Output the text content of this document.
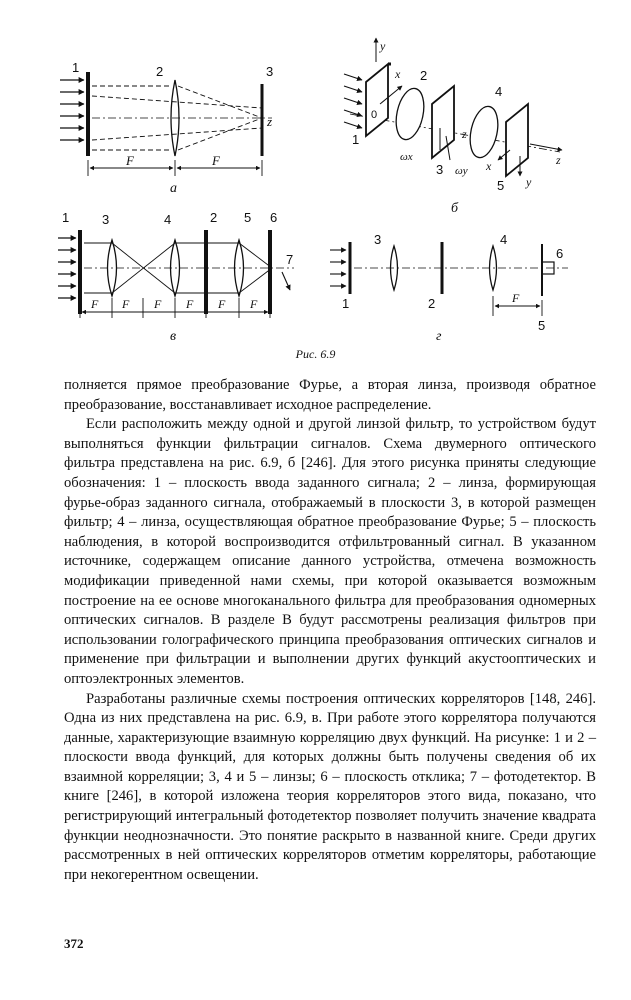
1	2	3
z
F	F
а
y
x 2
4
0
1
ωx
3 ωy
z
z
x
5 y
б
1	3	4	2 5 6
7
F F F F F F
в
3	4
6
1	2	F
5
г
Рис. 6.9

полняется прямое преобразование Фурье, а вторая линза, производя обратное преобразование, восстанавливает исходное распределение.

Если расположить между одной и другой линзой фильтр, то устройством будут выполняться функции фильтрации сигналов. Схема двумерного оптического фильтра представлена на рис. 6.9, б [246]. Для этого рисунка приняты следующие обозначения: 1 – плоскость ввода заданного сигнала; 2 – линза, формирующая фурье-образ заданного сигнала, отображаемый в плоскости 3, в которой размещен фильтр; 4 – линза, осуществляющая обратное преобразование Фурье; 5 – плоскость наблюдения, в которой воспроизводится отфильтрованный сигнал. В указанном источнике, содержащем описание данного устройства, отмечена возможность модификации приведенной нами схемы, при которой оказывается возможным построение на ее основе многоканального фильтра для преобразования одномерных оптических сигналов. В разделе В будут рассмотрены реализация фильтров при использовании голографического принципа преобразования оптических сигналов и применение при фильтрации и выполнении других функций акустооптических и оптоэлектронных элементов.

Разработаны различные схемы построения оптических корреляторов [148, 246]. Одна из них представлена на рис. 6.9, в. При работе этого коррелятора получаются данные, характеризующие взаимную корреляцию двух функций. На рисунке: 1 и 2 – плоскости ввода функций, для которых должны быть получены сведения об их взаимной корреляции; 3, 4 и 5 – линзы; 6 – плоскость отклика; 7 – фотодетектор. В книге [246], в которой изложена теория корреляторов этого вида, показано, что регистрирующий интегральный фотодетектор позволяет получить значение квадрата функции неоднозначности. Это понятие раскрыто в названной книге. Среди других рассмотренных в ней оптических корреляторов отметим корреляторы, работающие при некогерентном освещении.

372
